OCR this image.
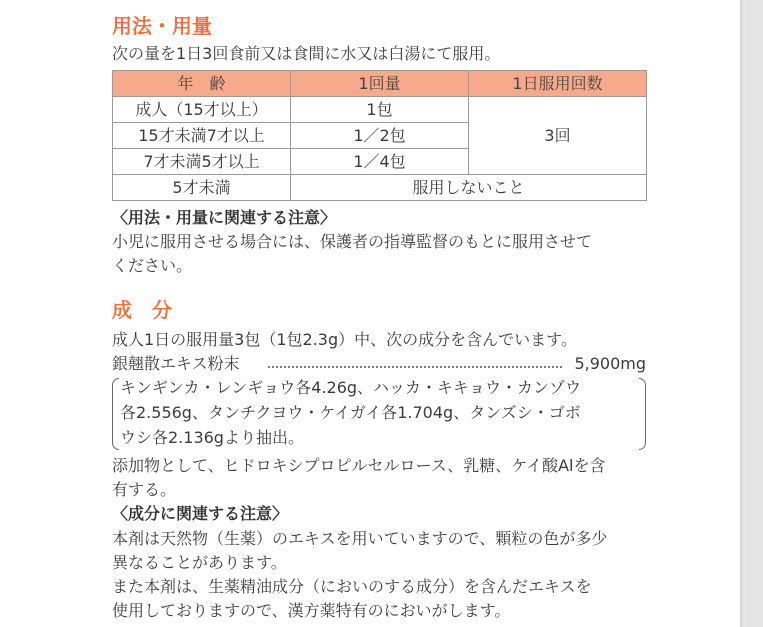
用法・用量
次の量を1日3回食前又は食間に水又は白湯にて服用。
年　齢	1回量	1日服用回数
成人（15才以上）	1包	3回
15才未満7才以上	1／2包	
7才未満5才以上	1／4包	
5才未満	服用しないこと	
〈用法・用量に関連する注意〉
小児に服用させる場合には、保護者の指導監督のもとに服用させて
ください。
成　分
成人1日の服用量3包（1包2.3g）中、次の成分を含んでいます。
銀翹散エキス粉末	5,900mg
キンギンカ・レンギョウ各4.26g、ハッカ・キキョウ・カンゾウ
各2.556g、タンチクヨウ・ケイガイ各1.704g、タンズシ・ゴボ
ウシ各2.136gより抽出。
添加物として、ヒドロキシプロピルセルロース、乳糖、ケイ酸Alを含
有する。
〈成分に関連する注意〉
本剤は天然物（生薬）のエキスを用いていますので、顆粒の色が多少
異なることがあります。
また本剤は、生薬精油成分（においのする成分）を含んだエキスを
使用しておりますので、漢方薬特有のにおいがします。
